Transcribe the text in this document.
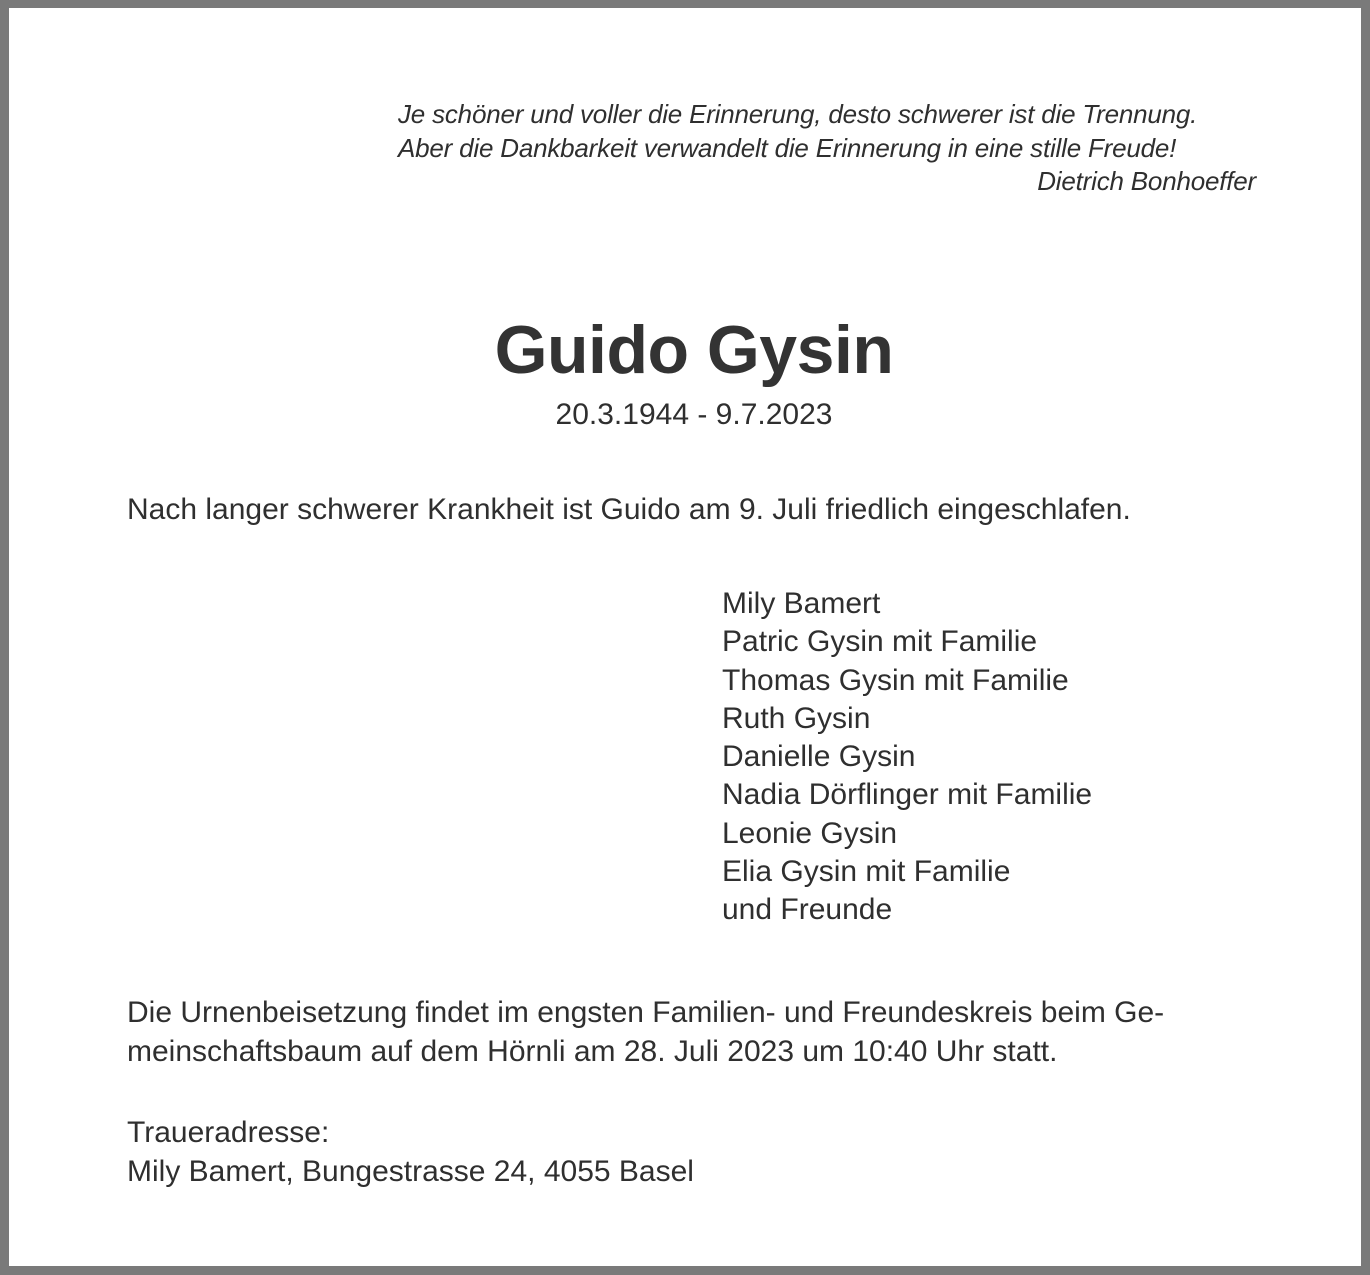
Je schöner und voller die Erinnerung, desto schwerer ist die Trennung.
Aber die Dankbarkeit verwandelt die Erinnerung in eine stille Freude!
Dietrich Bonhoeffer
Guido Gysin
20.3.1944 - 9.7.2023
Nach langer schwerer Krankheit ist Guido am 9. Juli friedlich eingeschlafen.
Mily Bamert
Patric Gysin mit Familie
Thomas Gysin mit Familie
Ruth Gysin
Danielle Gysin
Nadia Dörflinger mit Familie
Leonie Gysin
Elia Gysin mit Familie
und Freunde
Die Urnenbeisetzung findet im engsten Familien- und Freundeskreis beim Ge-
meinschaftsbaum auf dem Hörnli am 28. Juli 2023 um 10:40 Uhr statt.
Traueradresse:
Mily Bamert, Bungestrasse 24, 4055 Basel
